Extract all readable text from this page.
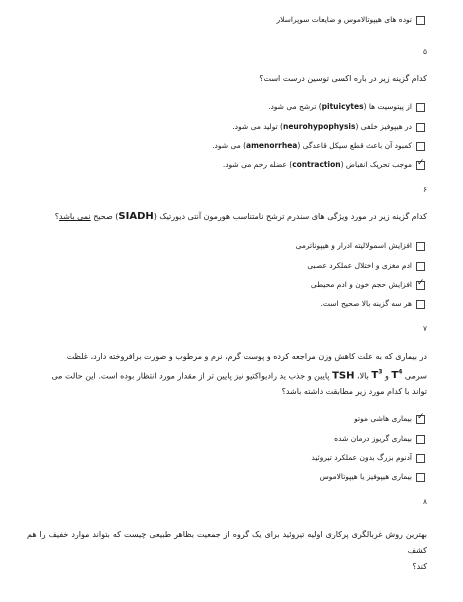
توده های هیپوتالاموس و ضایعات سوپراسلار
۵
کدام گزینه زیر در باره اکسی توسین درست است؟
از پیتوسیت ها (pituicytes) ترشح می شود.
در هیپوفیز خلفی (neurohypophysis) تولید می شود.
کمبود آن باعث قطع سیکل قاعدگی (amenorrhea) می شود.
✓
موجب تحریک انقباض (contraction) عضله رحم می شود.
۶
کدام گزینه زیر در مورد ویژگی های سندرم ترشح نامتناسب هورمون آنتی دیورتیک (SIADH) صحیح نمی باشد؟
افزایش اسمولالیته ادرار و هیپوناترمی
ادم مغزی و اختلال عملکرد عصبی
✓
افزایش حجم خون و ادم محیطی
هر سه گزینه بالا صحیح است.
۷
در بیماری که به علت کاهش وزن مراجعه کرده و پوست گرم، نرم و مرطوب و صورت برافروخته دارد، غلظت
سرمی $T^4$ و $T^3$ بالا، TSH پایین و جذب ید رادیواکتیو نیز پایین تر از مقدار مورد انتظار بوده است. این حالت می
تواند با کدام مورد زیر مطابقت داشته باشد؟
✓
بیماری هاشی موتو
بیماری گریوز درمان شده
آدنوم بزرگ بدون عملکرد تیروئید
بیماری هیپوفیز یا هیپوتالاموس
۸
بهترین روش غربالگری پرکاری اولیه تیروئید برای یک گروه از جمعیت بظاهر طبیعی چیست که بتواند موارد خفیف را هم کشف
کند؟
